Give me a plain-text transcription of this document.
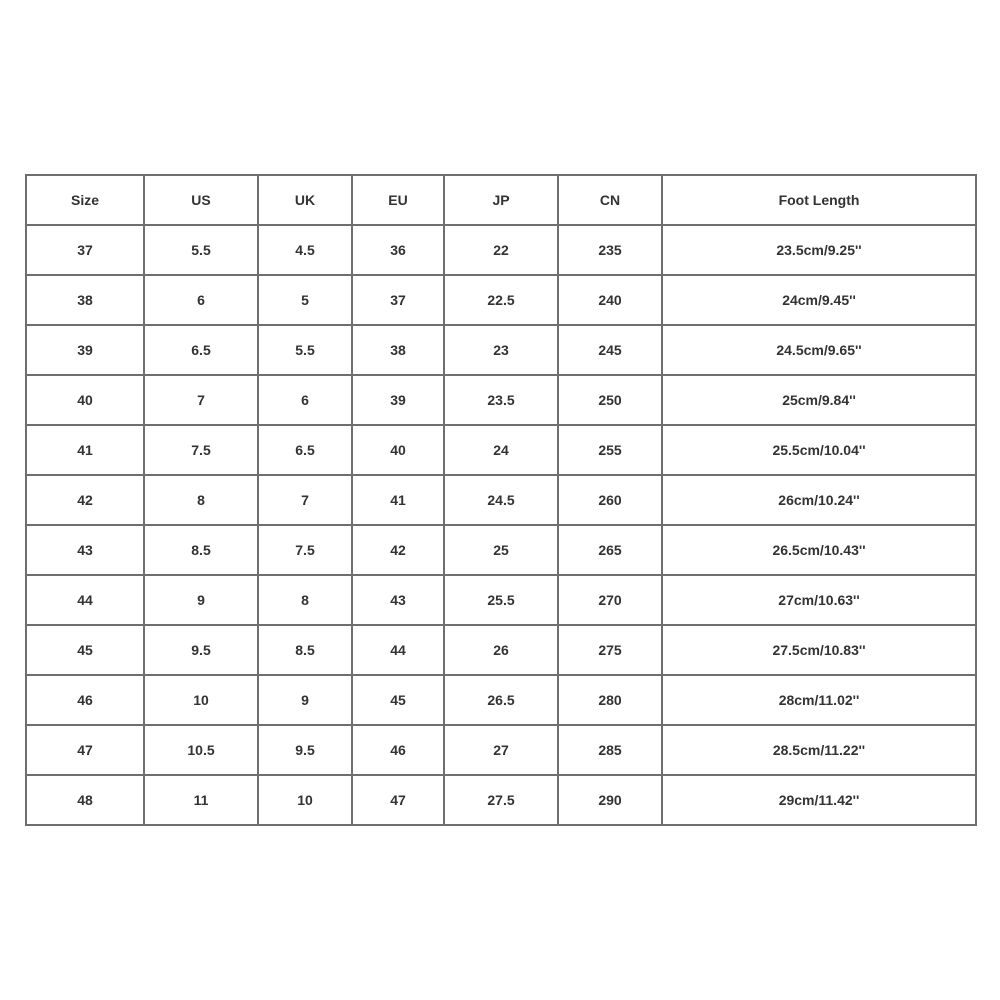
Size	US	UK	EU	JP	CN	Foot Length
37	5.5	4.5	36	22	235	23.5cm/9.25''
38	6	5	37	22.5	240	24cm/9.45''
39	6.5	5.5	38	23	245	24.5cm/9.65''
40	7	6	39	23.5	250	25cm/9.84''
41	7.5	6.5	40	24	255	25.5cm/10.04''
42	8	7	41	24.5	260	26cm/10.24''
43	8.5	7.5	42	25	265	26.5cm/10.43''
44	9	8	43	25.5	270	27cm/10.63''
45	9.5	8.5	44	26	275	27.5cm/10.83''
46	10	9	45	26.5	280	28cm/11.02''
47	10.5	9.5	46	27	285	28.5cm/11.22''
48	11	10	47	27.5	290	29cm/11.42''
